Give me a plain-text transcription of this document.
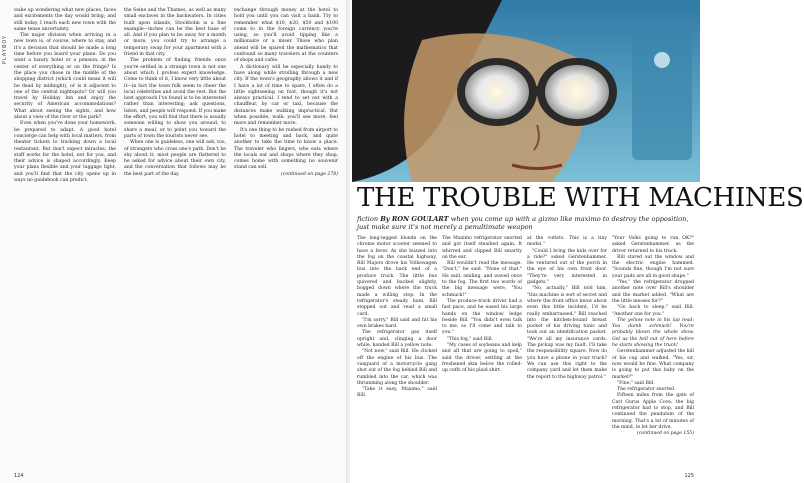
PLAYBOY

wake up wondering what new places, faces and excitements the day would bring; and still today, I reach each new town with the same tense uncertainty.

The major division when arriving in a new town is, of course, where to stay, and it's a decision that should be made a long time before you board your plane. Do you want a luxury hotel or a pension, in the center of everything or on the fringe? Is the place you chose in the middle of the shopping district (which could mean it will be dead by midnight), or is it adjacent to one of the central nightspots? Or will you travel by Holiday Inn and enjoy the security of American accommodations? What about seeing the sights, and how about a view of the river or the park?

Even when you've done your homework, be prepared to adapt. A good hotel concierge can help with local matters, from theater tickets to tracking down a local restaurant. But don't expect miracles; the staff works for the hotel, not for you, and their advice is shaped accordingly. Keep your plans flexible and your luggage light, and you'll find that the city opens up in ways no guidebook can predict.

the Seine and the Thames, as well as many small enclaves in the backwaters. In cities built upon islands, Stockholm is a fine example—inches can be the best base of all. And if you plan to be away for a month or more, you could try to arrange a temporary swap for your apartment with a friend in that city.

The problem of finding friends once you're settled in a strange town is not one about which I profess expert knowledge. Come to think of it, I know very little about it—in fact the town folk seem to cheer the local celebrities and avoid the rest. But the best approach I've found is to be interested rather than interesting; ask questions, listen, and people will respond. If you make the effort, you will find that there is usually someone willing to show you around, to share a meal, or to point you toward the parts of town the tourists never see.

When one is guideless, one will ask, too, of strangers who cross one's path. Don't be shy about it; most people are flattered to be asked for advice about their own city, and the conversation that follows may be the best part of the day.

exchange through money at the hotel to hold you until you can visit a bank. Try to remember what $10, $20, $50 and $100 come to in the foreign currency you're using, so you'll avoid tipping like a millionaire or a miser. Those who plan ahead will be spared the mathematics that confound so many travelers at the counters of shops and cafés.

A dictionary will be especially handy to have along while strolling through a new city. If the town's geography allows it and if I have a lot of time to spare, I often do a little sightseeing on foot, though it's not always practical. I tend to set out with a chauffeur, by car or taxi, because the distances make walking impractical. But when possible, walk: you'll see more, feel more and remember more.

It's one thing to be rushed from airport to hotel to meeting and back, and quite another to take the time to know a place. The traveler who lingers, who eats where the locals eat and shops where they shop, comes home with something no souvenir stand can sell.

(continued on page 278)

124
THE TROUBLE WITH MACHINES
fiction By RON GOULART when you come up with a gizmo like maximo to destroy the opposition, just make sure it's not merely a penultimate weapon

The long-legged blonde on the chrome motor scooter seemed to have a fever. As she buzzed into the fog on the coastal highway, Bill Majors drove his Volkswagen bus into the back end of a produce truck. The little bus quivered and backed slightly, bogged down where the truck made a willing stop. In the refrigerator's steady hum, Bill stepped out and read a small card.

"I'm sorry," Bill said and hit his own brakes hard.

The refrigerator gas itself upright and, clinging a door while, handed Bill a yellow note.

"Not now," said Bill. He clicked off the engine of his bus. The vanguard of a motorcycle gang shot out of the fog behind Bill and rumbled into the car, which was thrumming along the shoulder.

"Take it easy, Maximo," said Bill.

The Maximo refrigerator snorted and got itself steadied again. It whirred and clipped Bill smartly on the ear.

Bill wouldn't read the message. "Don't," he said. "None of that." He said, smiling, and waved once to the fog. The first two words of the big message were, "You schmuck!"

The produce-truck driver had a fast pace, and he eased his large hands on the window ledge beside Bill. "You didn't even talk to me, so I'll come and talk to you."

"This fog," said Bill.

"My cases of soybeans and kelp and all that are going to spoil," said the driver, settling at the freshened skin below the rolled-up cuffs of his plaid shirt.

at the cutlets. This is a tiny model."

"Could I bring the kids over for a ride?" asked Gerstenhammer. He ventured out of the porch in the eye of his own front door. "They're very interested in gadgets."

"No, actually," Bill told him, "this machine is sort of secret and where the front office know about even this little incident, I'd be really embarrassed." Bill reached into the kitchen-bound breast pocket of his driving tunic and took out an identification packet. "We're all my insurance cards. The pickup was my fault. I'll take the responsibility square. Now do you have a phone in your truck? We can use this right to the company yard and let them make the report to the highway patrol."

"Your Volks going to run OK?" asked Gerstenhammer, as the driver returned to his truck.

Bill stared out the window and the electric engine hummed. "Sounds fine, though I'm not sure your pads are all in good shape."

"Yes," the refrigerator dropped another note over Bill's shoulder and the market added, "What are the little messes for?"

"Go back to sleep," said Bill. "Another one for you."

The yellow note in his lap read: You dumb schmuck! You're probably blown the whole show. Get us the hell out of here before he starts showing the truck!

Gerstenhammer adjusted the hill of his cap and walked. "Yes, sir, now would be fine. What company is going to put this baby on the market?"

"Fine," said Bill.

The refrigerator snorted.

Fifteen miles from the gate of Carl Gurus Apple Cove, the big refrigerator had to stop, and Bill continued the pendulum of the morning. That's a lot of minutes of the mind, to let her drive.

(continued on page 155)

125
